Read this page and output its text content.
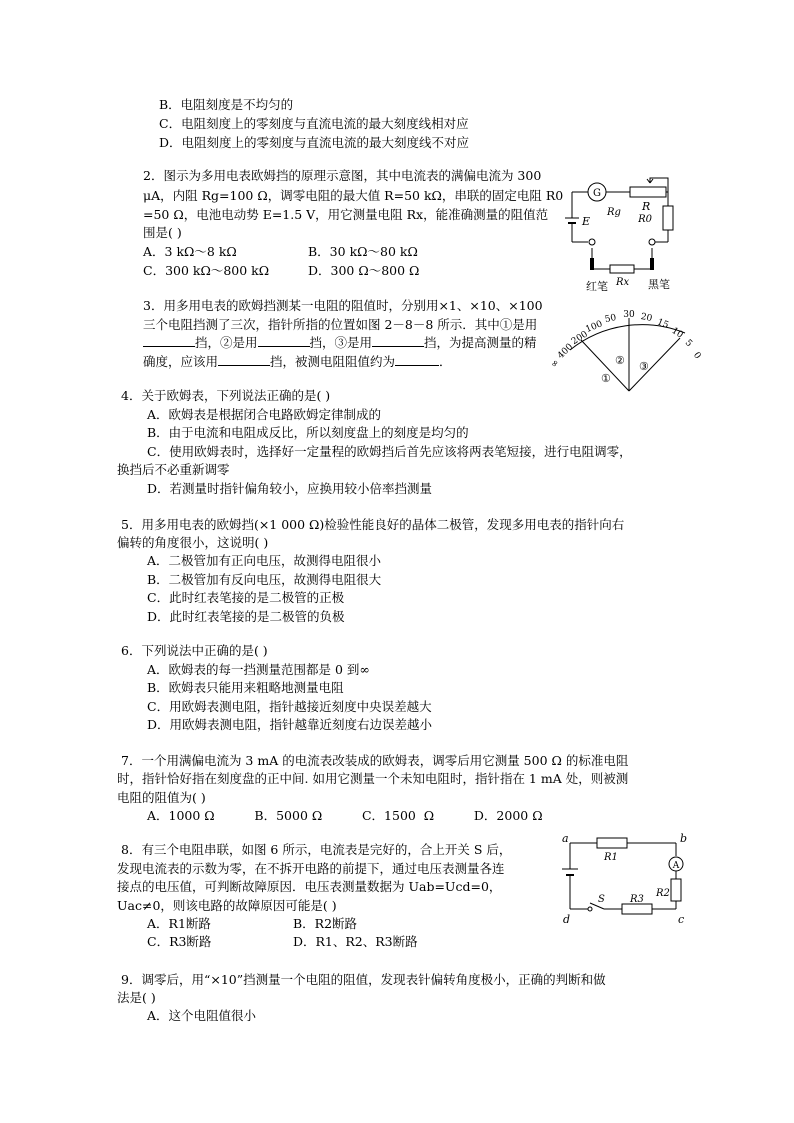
B．电阻刻度是不均匀的
C．电阻刻度上的零刻度与直流电流的最大刻度线相对应
D．电阻刻度上的零刻度与直流电流的最大刻度线不对应
2．图示为多用电表欧姆挡的原理示意图，其中电流表的满偏电流为 300
μA，内阻 Rg=100 Ω，调零电阻的最大值 R=50 kΩ，串联的固定电阻 R0
=50 Ω，电池电动势 E=1.5 V，用它测量电阻 Rx，能准确测量的阻值范
围是( )
A．3 kΩ～8 kΩ	B．30 kΩ～80 kΩ
C．300 kΩ～800 kΩ	D．300 Ω～800 Ω
G
Rg R
R0
E
红笔	黑笔
Rx
3．用多用电表的欧姆挡测某一电阻的阻值时，分别用×1、×10、×100
三个电阻挡测了三次，指针所指的位置如图 2－8－8 所示．其中①是用
挡，②是用	挡，③是用	挡，为提高测量的精
确度，应该用	挡，被测电阻阻值约为	．	∞
400
200
100
50 30 20 15
10
5
0
①
② ③
4．关于欧姆表，下列说法正确的是( )
A．欧姆表是根据闭合电路欧姆定律制成的
B．由于电流和电阻成反比，所以刻度盘上的刻度是均匀的
C．使用欧姆表时，选择好一定量程的欧姆挡后首先应该将两表笔短接，进行电阻调零，
换挡后不必重新调零
D．若测量时指针偏角较小，应换用较小倍率挡测量
5．用多用电表的欧姆挡(×1 000 Ω)检验性能良好的晶体二极管，发现多用电表的指针向右
偏转的角度很小，这说明( )
A．二极管加有正向电压，故测得电阻很小
B．二极管加有反向电压，故测得电阻很大
C．此时红表笔接的是二极管的正极
D．此时红表笔接的是二极管的负极
6．下列说法中正确的是( )
A．欧姆表的每一挡测量范围都是 0 到∞
B．欧姆表只能用来粗略地测量电阻
C．用欧姆表测电阻，指针越接近刻度中央误差越大
D．用欧姆表测电阻，指针越靠近刻度右边误差越小
7．一个用满偏电流为 3 mA 的电流表改装成的欧姆表，调零后用它测量 500 Ω 的标准电阻
时，指针恰好指在刻度盘的正中间. 如用它测量一个未知电阻时，指针指在 1 mA 处，则被测
电阻的阻值为( )
A．1000 Ω          B．5000 Ω          C．1500  Ω          D．2000 Ω
8．有三个电阻串联，如图 6 所示，电流表是完好的，合上开关 S 后，
发现电流表的示数为零，在不拆开电路的前提下，通过电压表测量各连
接点的电压值，可判断故障原因．电压表测量数据为 Uab=Ucd=0，
Uac≠0，则该电路的故障原因可能是( )
A．R1断路	B．R2断路
C．R3断路	D．R1、R2、R3断路
a	b
c
d
R1
R2
R3
S
A
9．调零后，用“×10”挡测量一个电阻的阻值，发现表针偏转角度极小，正确的判断和做
法是( )
A．这个电阻值很小
